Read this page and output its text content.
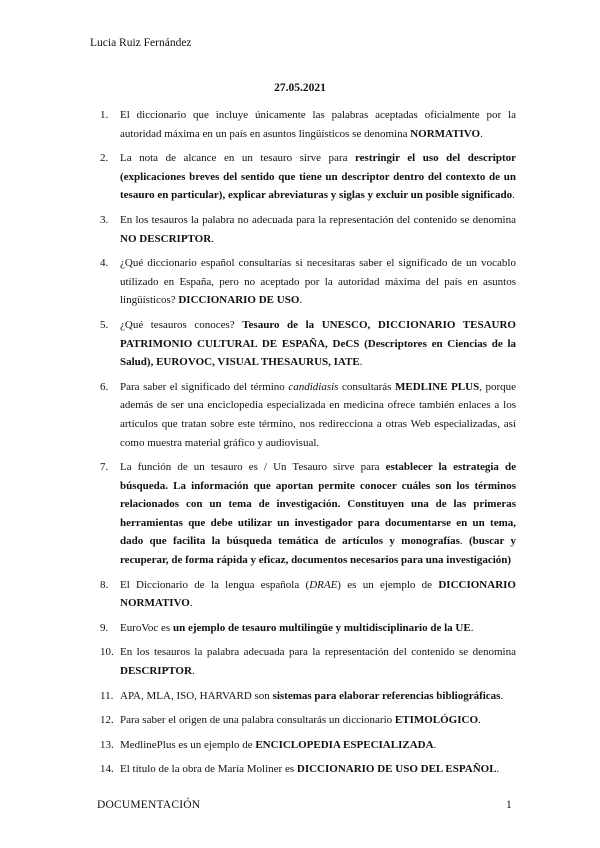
Lucia Ruiz Fernández
27.05.2021
1. El diccionario que incluye únicamente las palabras aceptadas oficialmente por la autoridad máxima en un país en asuntos lingüísticos se denomina NORMATIVO.
2. La nota de alcance en un tesauro sirve para restringir el uso del descriptor (explicaciones breves del sentido que tiene un descriptor dentro del contexto de un tesauro en particular), explicar abreviaturas y siglas y excluir un posible significado.
3. En los tesauros la palabra no adecuada para la representación del contenido se denomina NO DESCRIPTOR.
4. ¿Qué diccionario español consultarías si necesitaras saber el significado de un vocablo utilizado en España, pero no aceptado por la autoridad máxima del país en asuntos lingüísticos? DICCIONARIO DE USO.
5. ¿Qué tesauros conoces? Tesauro de la UNESCO, DICCIONARIO TESAURO PATRIMONIO CULTURAL DE ESPAÑA, DeCS (Descriptores en Ciencias de la Salud), EUROVOC, VISUAL THESAURUS, IATE.
6. Para saber el significado del término candidiasis consultarás MEDLINE PLUS, porque además de ser una enciclopedia especializada en medicina ofrece también enlaces a los artículos que tratan sobre este término, nos redirecciona a otras Web especializadas, así como muestra material gráfico y audiovisual.
7. La función de un tesauro es / Un Tesauro sirve para establecer la estrategia de búsqueda. La información que aportan permite conocer cuáles son los términos relacionados con un tema de investigación. Constituyen una de las primeras herramientas que debe utilizar un investigador para documentarse en un tema, dado que facilita la búsqueda temática de artículos y monografías. (buscar y recuperar, de forma rápida y eficaz, documentos necesarios para una investigación)
8. El Diccionario de la lengua española (DRAE) es un ejemplo de DICCIONARIO NORMATIVO.
9. EuroVoc es un ejemplo de tesauro multilingüe y multidisciplinario de la UE.
10. En los tesauros la palabra adecuada para la representación del contenido se denomina DESCRIPTOR.
11. APA, MLA, ISO, HARVARD son sistemas para elaborar referencias bibliográficas.
12. Para saber el origen de una palabra consultarás un diccionario ETIMOLÓGICO.
13. MedlinePlus es un ejemplo de ENCICLOPEDIA ESPECIALIZADA.
14. El título de la obra de María Moliner es DICCIONARIO DE USO DEL ESPAÑOL.
DOCUMENTACIÓN	1
